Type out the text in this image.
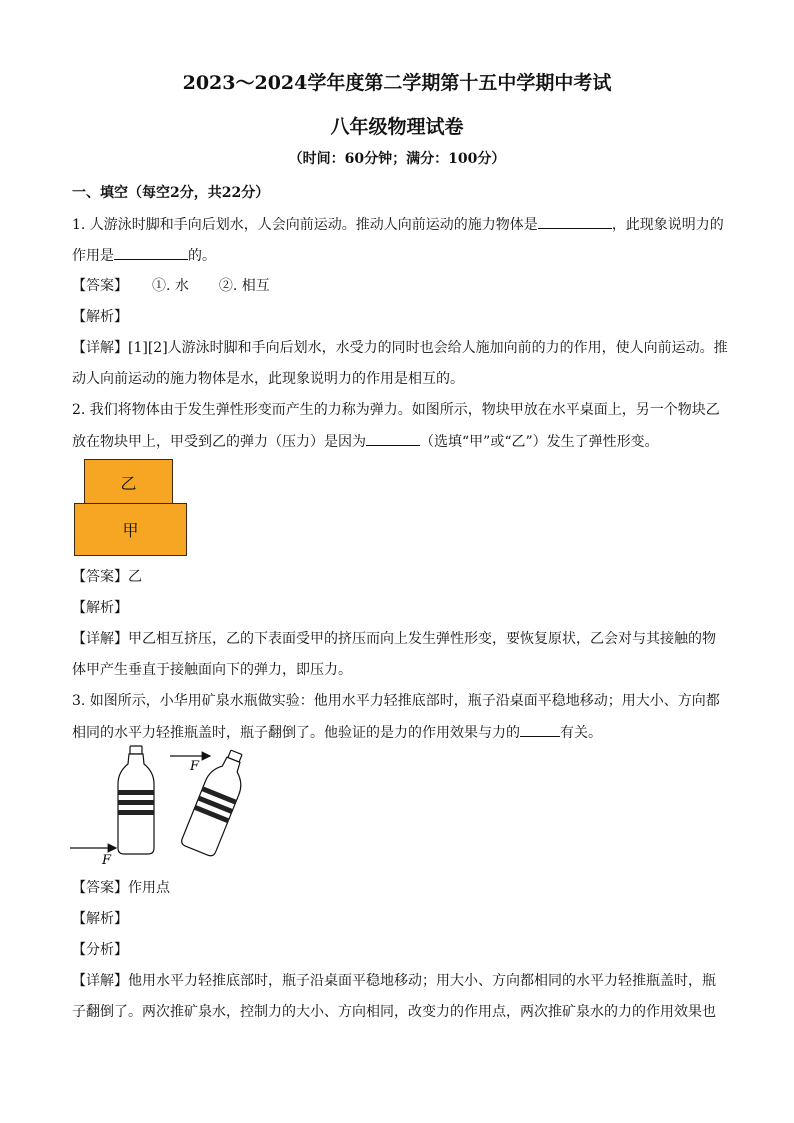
2023～2024学年度第二学期第十五中学期中考试
八年级物理试卷
（时间：60分钟；满分：100分）
一、填空（每空2分，共22分）
1. 人游泳时脚和手向后划水，人会向前运动。推动人向前运动的施力物体是	，此现象说明力的
作用是	的。
【答案】 ①. 水 ②. 相互
【解析】
【详解】[1][2]人游泳时脚和手向后划水，水受力的同时也会给人施加向前的力的作用，使人向前运动。推
动人向前运动的施力物体是水，此现象说明力的作用是相互的。
2. 我们将物体由于发生弹性形变而产生的力称为弹力。如图所示，物块甲放在水平桌面上，另一个物块乙
放在物块甲上，甲受到乙的弹力（压力）是因为	（选填“甲”或“乙”）发生了弹性形变。
乙
甲
【答案】乙
【解析】
【详解】甲乙相互挤压，乙的下表面受甲的挤压而向上发生弹性形变，要恢复原状，乙会对与其接触的物
体甲产生垂直于接触面向下的弹力，即压力。
3. 如图所示，小华用矿泉水瓶做实验：他用水平力轻推底部时，瓶子沿桌面平稳地移动；用大小、方向都
相同的水平力轻推瓶盖时，瓶子翻倒了。他验证的是力的作用效果与力的	有关。
F
F
【答案】作用点
【解析】
【分析】
【详解】他用水平力轻推底部时，瓶子沿桌面平稳地移动；用大小、方向都相同的水平力轻推瓶盖时，瓶
子翻倒了。两次推矿泉水，控制力的大小、方向相同，改变力的作用点，两次推矿泉水的力的作用效果也
